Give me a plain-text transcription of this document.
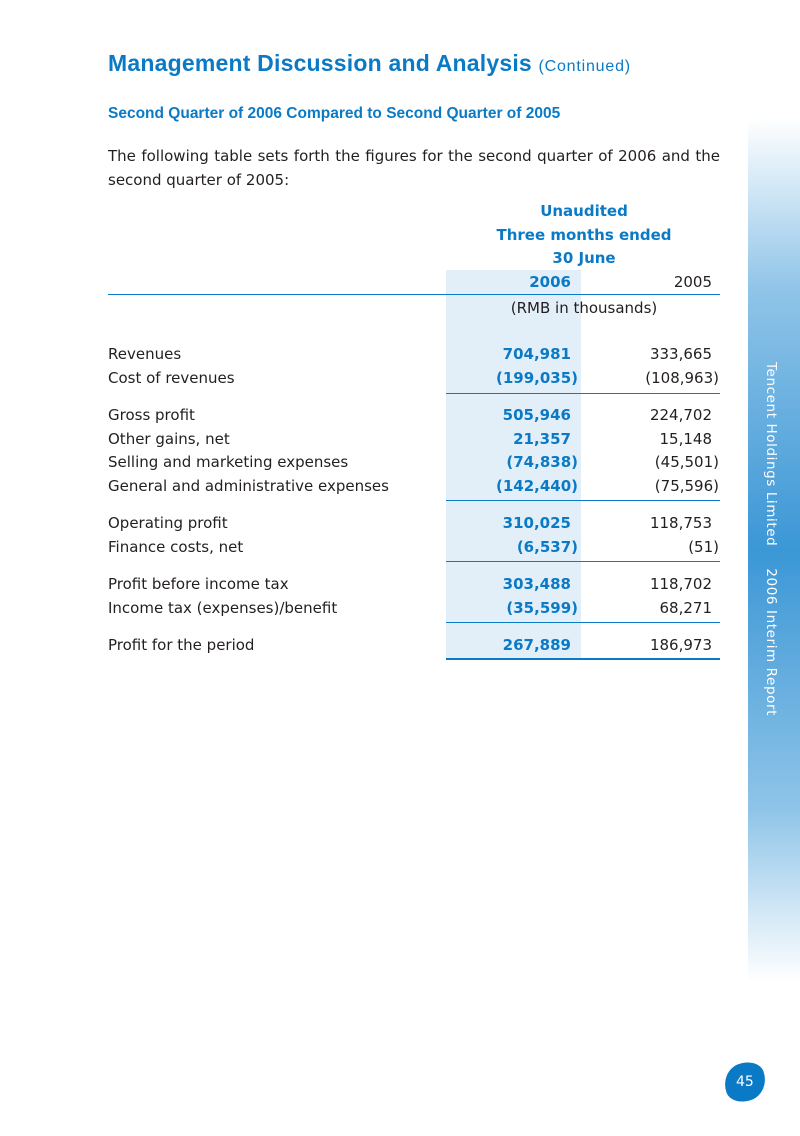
Management Discussion and Analysis (Continued)
Second Quarter of 2006 Compared to Second Quarter of 2005

The following table sets forth the figures for the second quarter of 2006 and the second quarter of 2005:

Unaudited
Three months ended
30 June
2006	2005
(RMB in thousands)
Revenues	704,981	333,665
Cost of revenues	(199,035)	(108,963)
Gross profit	505,946	224,702
Other gains, net	21,357	15,148
Selling and marketing expenses	(74,838)	(45,501)
General and administrative expenses	(142,440)	(75,596)
Operating profit	310,025	118,753
Finance costs, net	(6,537)	(51)
Profit before income tax	303,488	118,702
Income tax (expenses)/benefit	(35,599)	68,271
Profit for the period	267,889	186,973
Tencent Holdings Limited2006 Interim Report
45
